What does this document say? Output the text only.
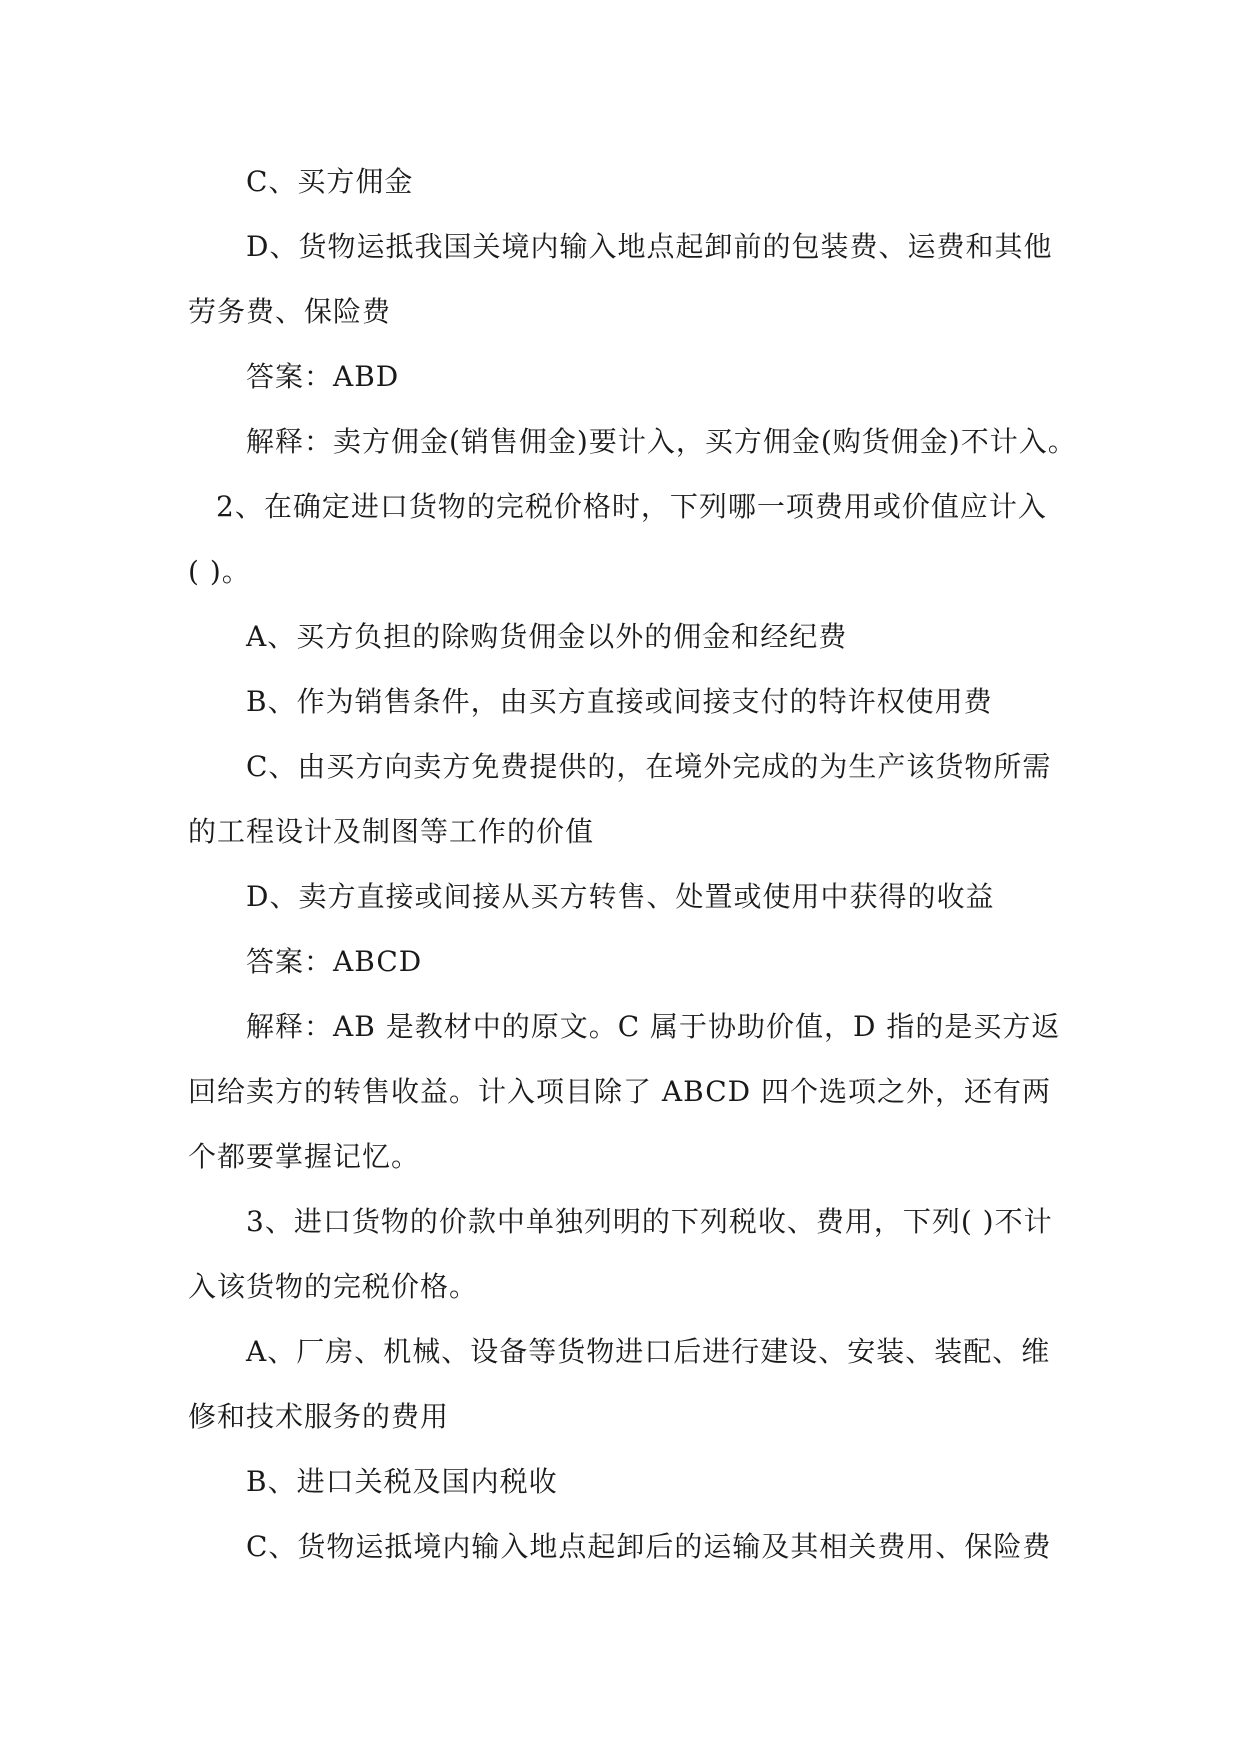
C、买方佣金
D、货物运抵我国关境内输入地点起卸前的包装费、运费和其他
劳务费、保险费
答案：ABD
解释：卖方佣金(销售佣金)要计入，买方佣金(购货佣金)不计入。
2、在确定进口货物的完税价格时，下列哪一项费用或价值应计入
( )。
A、买方负担的除购货佣金以外的佣金和经纪费
B、作为销售条件，由买方直接或间接支付的特许权使用费
C、由买方向卖方免费提供的，在境外完成的为生产该货物所需
的工程设计及制图等工作的价值
D、卖方直接或间接从买方转售、处置或使用中获得的收益
答案：ABCD
解释：AB 是教材中的原文。C 属于协助价值，D 指的是买方返
回给卖方的转售收益。计入项目除了 ABCD 四个选项之外，还有两
个都要掌握记忆。
3、进口货物的价款中单独列明的下列税收、费用，下列( )不计
入该货物的完税价格。
A、厂房、机械、设备等货物进口后进行建设、安装、装配、维
修和技术服务的费用
B、进口关税及国内税收
C、货物运抵境内输入地点起卸后的运输及其相关费用、保险费
